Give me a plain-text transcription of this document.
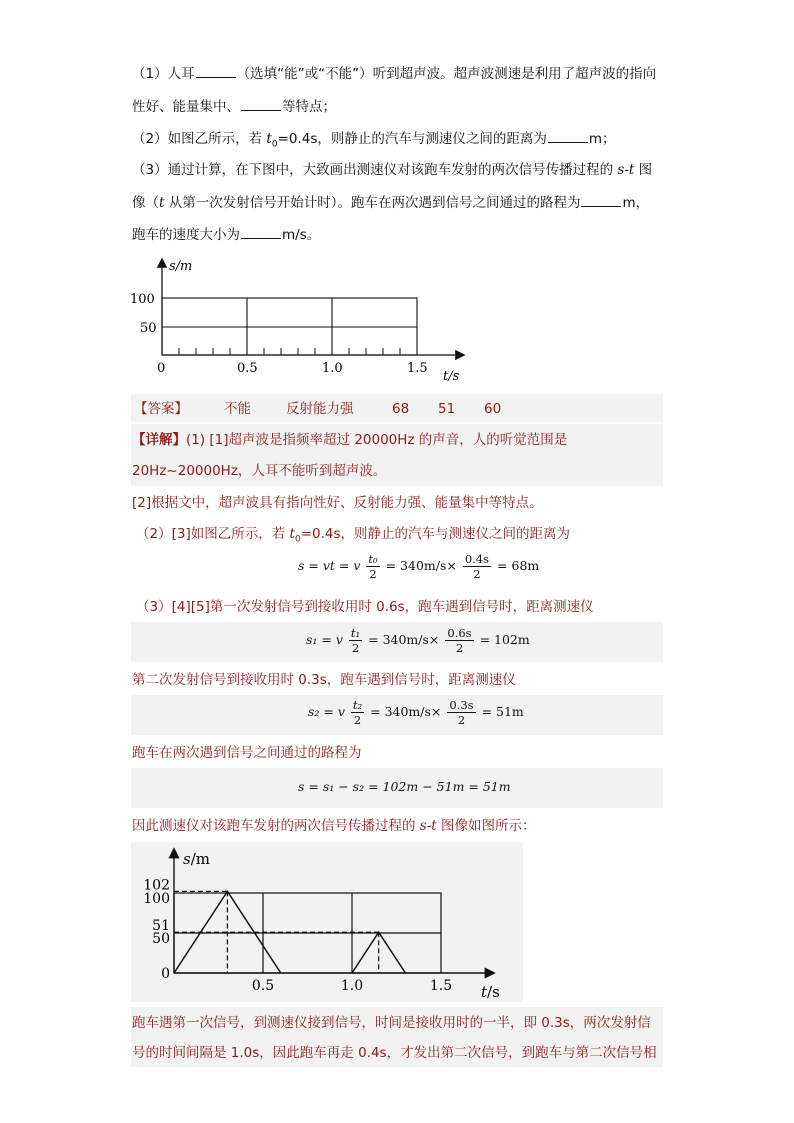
（1）人耳	（选填“能”或“不能”）听到超声波。超声波测速是利用了超声波的指向
性好、能量集中、	等特点；
（2）如图乙所示，若 $t_0=0.4s$，则静止的汽车与测速仪之间的距离为	m；
（3）通过计算，在下图中，大致画出测速仪对该跑车发射的两次信号传播过程的 s-t 图
像（t 从第一次发射信号开始计时）。跑车在两次遇到信号之间通过的路程为	m，
跑车的速度大小为	m/s。
s/m
100
50
0	0.5	1.0	1.5
t/s
【答案】	不能	反射能力强	68 51 60
【详解】(1) [1]超声波是指频率超过 20000Hz 的声音，人的听觉范围是
20Hz~20000Hz，人耳不能听到超声波。
[2]根据文中，超声波具有指向性好、反射能力强、能量集中等特点。
（2）[3]如图乙所示，若 $t_0=0.4s$，则静止的汽车与测速仪之间的距离为
s = vt = v $\frac{\text{t₀}}{2} = 340m/s\times \frac{0.4s}{2} = 68m$
（3）[4][5]第一次发射信号到接收用时 0.6s，跑车遇到信号时，距离测速仪
s₁ = v $\frac{\text{t₁}}{2} = 340m/s\times \frac{0.6s}{2} = 102m$
第二次发射信号到接收用时 0.3s，跑车遇到信号时，距离测速仪
s₂ = v $\frac{\text{t₂}}{2} = 340m/s\times \frac{0.3s}{2} = 51m$
跑车在两次遇到信号之间通过的路程为
s = s₁ − s₂ = 102m − 51m = 51m
因此测速仪对该跑车发射的两次信号传播过程的 s-t 图像如图所示：
s/m
t/s
102
100
51
50
0
0.5	1.0	1.5
跑车遇第一次信号，到测速仪接到信号，时间是接收用时的一半，即 0.3s，两次发射信
号的时间间隔是 1.0s，因此跑车再走 0.4s，才发出第二次信号，到跑车与第二次信号相
